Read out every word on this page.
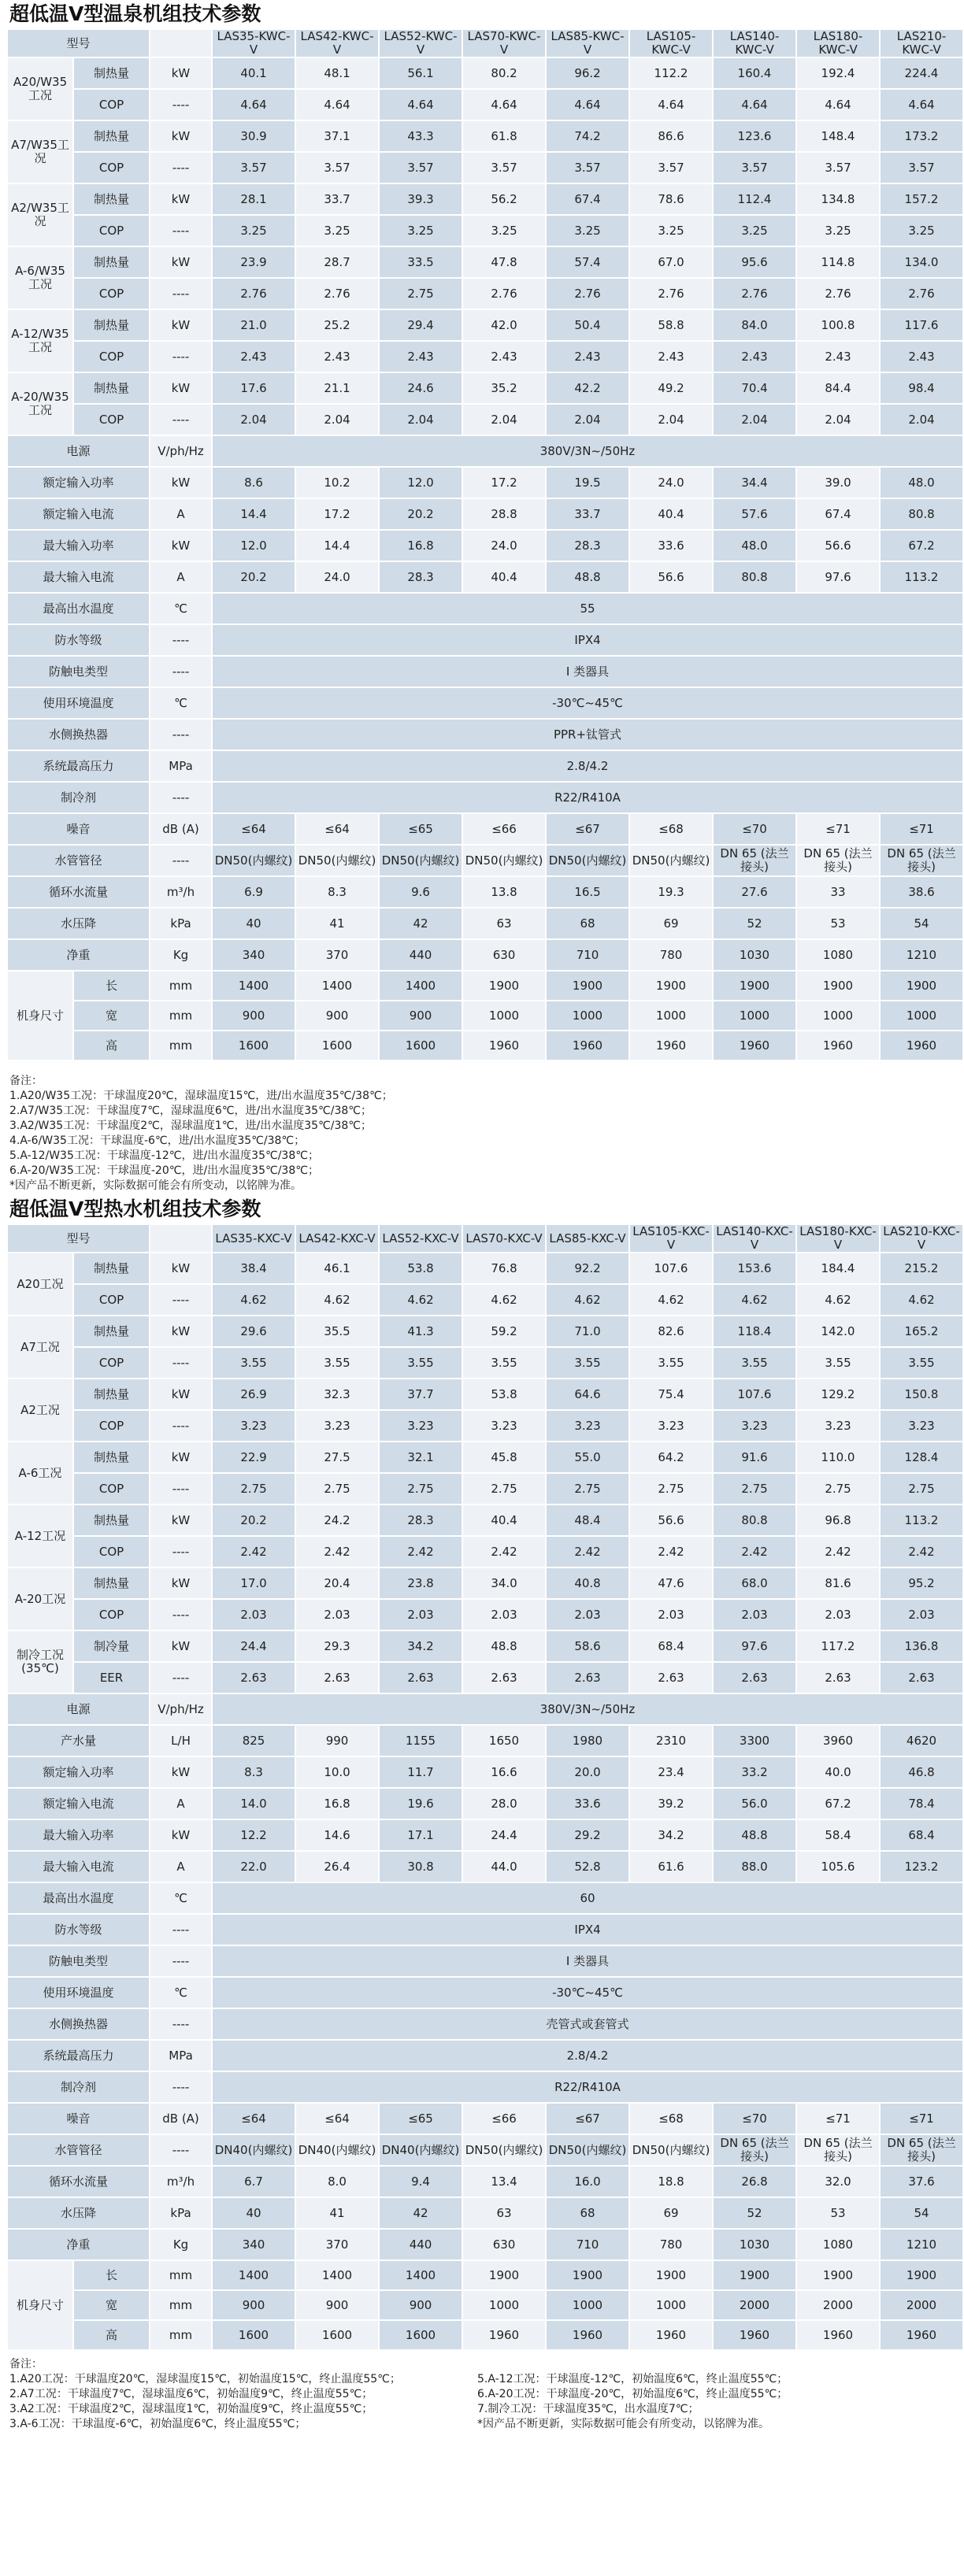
超低温V型温泉机组技术参数
型号			LAS35-KWC-V	LAS42-KWC-V	LAS52-KWC-V	LAS70-KWC-V	LAS85-KWC-V	LAS105-KWC-V	LAS140-KWC-V	LAS180-KWC-V	LAS210-KWC-V
A20/W35工况	制热量	kW	40.1	48.1	56.1	80.2	96.2	112.2	160.4	192.4	224.4
	COP	----	4.64	4.64	4.64	4.64	4.64	4.64	4.64	4.64	4.64
A7/W35工况	制热量	kW	30.9	37.1	43.3	61.8	74.2	86.6	123.6	148.4	173.2
	COP	----	3.57	3.57	3.57	3.57	3.57	3.57	3.57	3.57	3.57
A2/W35工况	制热量	kW	28.1	33.7	39.3	56.2	67.4	78.6	112.4	134.8	157.2
	COP	----	3.25	3.25	3.25	3.25	3.25	3.25	3.25	3.25	3.25
A-6/W35工况	制热量	kW	23.9	28.7	33.5	47.8	57.4	67.0	95.6	114.8	134.0
	COP	----	2.76	2.76	2.75	2.76	2.76	2.76	2.76	2.76	2.76
A-12/W35工况	制热量	kW	21.0	25.2	29.4	42.0	50.4	58.8	84.0	100.8	117.6
	COP	----	2.43	2.43	2.43	2.43	2.43	2.43	2.43	2.43	2.43
A-20/W35工况	制热量	kW	17.6	21.1	24.6	35.2	42.2	49.2	70.4	84.4	98.4
	COP	----	2.04	2.04	2.04	2.04	2.04	2.04	2.04	2.04	2.04
电源		V/ph/Hz	380V/3N~/50Hz								
额定输入功率		kW	8.6	10.2	12.0	17.2	19.5	24.0	34.4	39.0	48.0
额定输入电流		A	14.4	17.2	20.2	28.8	33.7	40.4	57.6	67.4	80.8
最大输入功率		kW	12.0	14.4	16.8	24.0	28.3	33.6	48.0	56.6	67.2
最大输入电流		A	20.2	24.0	28.3	40.4	48.8	56.6	80.8	97.6	113.2
最高出水温度		℃	55								
防水等级		----	IPX4								
防触电类型		----	I 类器具								
使用环境温度		℃	-30℃~45℃								
水侧换热器		----	PPR+钛管式								
系统最高压力		MPa	2.8/4.2								
制冷剂		----	R22/R410A								
噪音		dB (A)	≤64	≤64	≤65	≤66	≤67	≤68	≤70	≤71	≤71
水管管径		----	DN50(内螺纹)	DN50(内螺纹)	DN50(内螺纹)	DN50(内螺纹)	DN50(内螺纹)	DN50(内螺纹)	DN 65 (法兰接头)	DN 65 (法兰接头)	DN 65 (法兰接头)
循环水流量		m³/h	6.9	8.3	9.6	13.8	16.5	19.3	27.6	33	38.6
水压降		kPa	40	41	42	63	68	69	52	53	54
净重		Kg	340	370	440	630	710	780	1030	1080	1210
机身尺寸	长	mm	1400	1400	1400	1900	1900	1900	1900	1900	1900
	宽	mm	900	900	900	1000	1000	1000	1000	1000	1000
	高	mm	1600	1600	1600	1960	1960	1960	1960	1960	1960
备注：
1.A20/W35工况：干球温度20℃，湿球温度15℃，进/出水温度35℃/38℃；
2.A7/W35工况：干球温度7℃，湿球温度6℃，进/出水温度35℃/38℃；
3.A2/W35工况：干球温度2℃，湿球温度1℃，进/出水温度35℃/38℃；
4.A-6/W35工况：干球温度-6℃，进/出水温度35℃/38℃；
5.A-12/W35工况：干球温度-12℃，进/出水温度35℃/38℃；
6.A-20/W35工况：干球温度-20℃，进/出水温度35℃/38℃；
*因产品不断更新，实际数据可能会有所变动，以铭牌为准。
超低温V型热水机组技术参数
型号			LAS35-KXC-V	LAS42-KXC-V	LAS52-KXC-V	LAS70-KXC-V	LAS85-KXC-V	LAS105-KXC-V	LAS140-KXC-V	LAS180-KXC-V	LAS210-KXC-V
A20工况	制热量	kW	38.4	46.1	53.8	76.8	92.2	107.6	153.6	184.4	215.2
	COP	----	4.62	4.62	4.62	4.62	4.62	4.62	4.62	4.62	4.62
A7工况	制热量	kW	29.6	35.5	41.3	59.2	71.0	82.6	118.4	142.0	165.2
	COP	----	3.55	3.55	3.55	3.55	3.55	3.55	3.55	3.55	3.55
A2工况	制热量	kW	26.9	32.3	37.7	53.8	64.6	75.4	107.6	129.2	150.8
	COP	----	3.23	3.23	3.23	3.23	3.23	3.23	3.23	3.23	3.23
A-6工况	制热量	kW	22.9	27.5	32.1	45.8	55.0	64.2	91.6	110.0	128.4
	COP	----	2.75	2.75	2.75	2.75	2.75	2.75	2.75	2.75	2.75
A-12工况	制热量	kW	20.2	24.2	28.3	40.4	48.4	56.6	80.8	96.8	113.2
	COP	----	2.42	2.42	2.42	2.42	2.42	2.42	2.42	2.42	2.42
A-20工况	制热量	kW	17.0	20.4	23.8	34.0	40.8	47.6	68.0	81.6	95.2
	COP	----	2.03	2.03	2.03	2.03	2.03	2.03	2.03	2.03	2.03
制冷工况(35℃)	制冷量	kW	24.4	29.3	34.2	48.8	58.6	68.4	97.6	117.2	136.8
	EER	----	2.63	2.63	2.63	2.63	2.63	2.63	2.63	2.63	2.63
电源		V/ph/Hz	380V/3N~/50Hz								
产水量		L/H	825	990	1155	1650	1980	2310	3300	3960	4620
额定输入功率		kW	8.3	10.0	11.7	16.6	20.0	23.4	33.2	40.0	46.8
额定输入电流		A	14.0	16.8	19.6	28.0	33.6	39.2	56.0	67.2	78.4
最大输入功率		kW	12.2	14.6	17.1	24.4	29.2	34.2	48.8	58.4	68.4
最大输入电流		A	22.0	26.4	30.8	44.0	52.8	61.6	88.0	105.6	123.2
最高出水温度		℃	60								
防水等级		----	IPX4								
防触电类型		----	I 类器具								
使用环境温度		℃	-30℃~45℃								
水侧换热器		----	壳管式或套管式								
系统最高压力		MPa	2.8/4.2								
制冷剂		----	R22/R410A								
噪音		dB (A)	≤64	≤64	≤65	≤66	≤67	≤68	≤70	≤71	≤71
水管管径		----	DN40(内螺纹)	DN40(内螺纹)	DN40(内螺纹)	DN50(内螺纹)	DN50(内螺纹)	DN50(内螺纹)	DN 65 (法兰接头)	DN 65 (法兰接头)	DN 65 (法兰接头)
循环水流量		m³/h	6.7	8.0	9.4	13.4	16.0	18.8	26.8	32.0	37.6
水压降		kPa	40	41	42	63	68	69	52	53	54
净重		Kg	340	370	440	630	710	780	1030	1080	1210
机身尺寸	长	mm	1400	1400	1400	1900	1900	1900	1900	1900	1900
	宽	mm	900	900	900	1000	1000	1000	2000	2000	2000
	高	mm	1600	1600	1600	1960	1960	1960	1960	1960	1960
备注：
1.A20工况：干球温度20℃，湿球温度15℃，初始温度15℃，终止温度55℃；
2.A7工况：干球温度7℃，湿球温度6℃，初始温度9℃，终止温度55℃；
3.A2工况：干球温度2℃，湿球温度1℃，初始温度9℃，终止温度55℃；
3.A-6工况：干球温度-6℃，初始温度6℃，终止温度55℃；
5.A-12工况：干球温度-12℃，初始温度6℃，终止温度55℃；
6.A-20工况：干球温度-20℃，初始温度6℃，终止温度55℃；
7.制冷工况：干球温度35℃，出水温度7℃；
*因产品不断更新，实际数据可能会有所变动，以铭牌为准。
